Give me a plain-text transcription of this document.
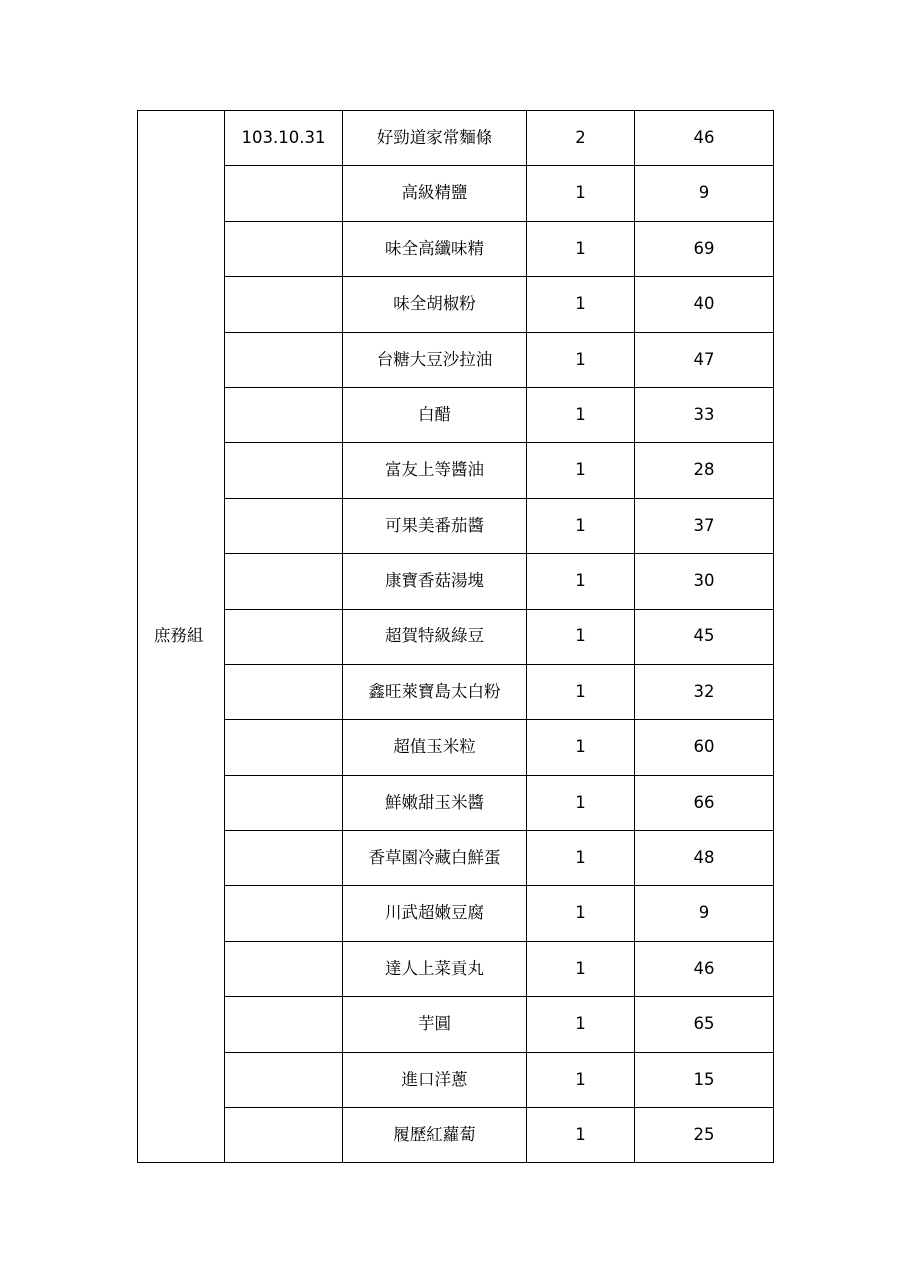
庶務組	103.10.31	好勁道家常麵條	2	46
		高級精鹽	1	9
		味全高纖味精	1	69
		味全胡椒粉	1	40
		台糖大豆沙拉油	1	47
		白醋	1	33
		富友上等醬油	1	28
		可果美番茄醬	1	37
		康寶香菇湯塊	1	30
		超賀特級綠豆	1	45
		鑫旺萊寶島太白粉	1	32
		超值玉米粒	1	60
		鮮嫩甜玉米醬	1	66
		香草園冷藏白鮮蛋	1	48
		川武超嫩豆腐	1	9
		達人上菜貢丸	1	46
		芋圓	1	65
		進口洋蔥	1	15
		履歷紅蘿蔔	1	25
